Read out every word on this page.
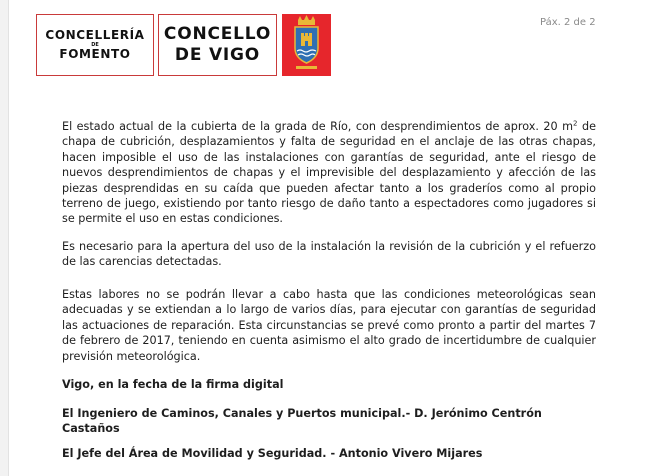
CONCELLERÍA
DE
FOMENTO
CONCELLO
DE VIGO
Páx. 2 de 2

El estado actual de la cubierta de la grada de Río, con desprendimientos de aprox. 20 $m^2$ de chapa de cubrición, desplazamientos y falta de seguridad en el anclaje de las otras chapas, hacen imposible el uso de las instalaciones con garantías de seguridad, ante el riesgo de nuevos desprendimientos de chapas y el imprevisible del desplazamiento y afección de las piezas desprendidas en su caída que pueden afectar tanto a los graderíos como al propio terreno de juego, existiendo por tanto riesgo de daño tanto a espectadores como jugadores si se permite el uso en estas condiciones.

Es necesario para la apertura del uso de la instalación la revisión de la cubrición y el refuerzo de las carencias detectadas.

Estas labores no se podrán llevar a cabo hasta que las condiciones meteorológicas sean adecuadas y se extiendan a lo largo de varios días, para ejecutar con garantías de seguridad las actuaciones de reparación. Esta circunstancias se prevé como pronto a partir del martes 7 de febrero de 2017, teniendo en cuenta asimismo el alto grado de incertidumbre de cualquier previsión meteorológica.

Vigo, en la fecha de la firma digital

El Ingeniero de Caminos, Canales y Puertos municipal.- D. Jerónimo Centrón Castaños

El Jefe del Área de Movilidad y Seguridad. - Antonio Vivero Mijares
